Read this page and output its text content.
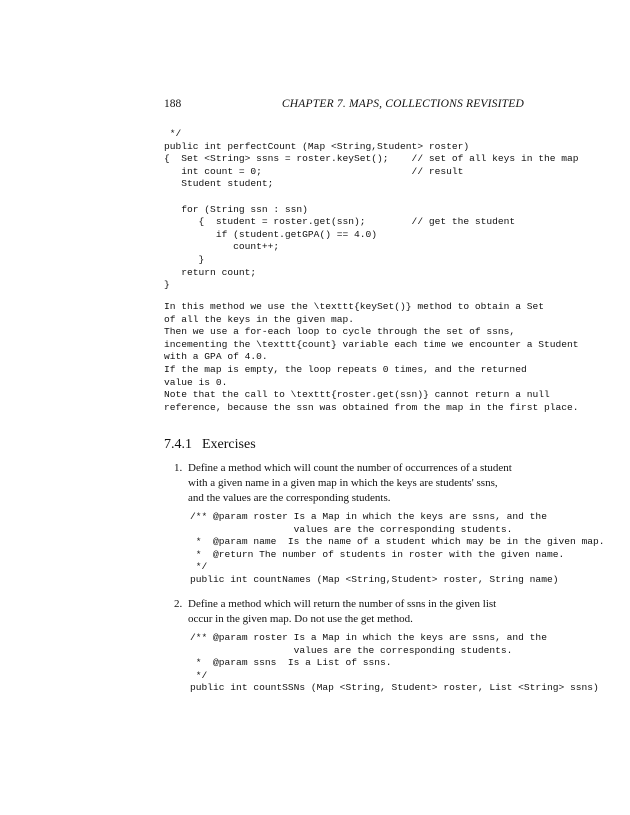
188	CHAPTER 7. MAPS, COLLECTIONS REVISITED
*/
public int perfectCount (Map <String,Student> roster)
{  Set <String> ssns = roster.keySet();    // set of all keys in the map
int count = 0;                          // result
Student student;

for (String ssn : ssn)
{  student = roster.get(ssn);        // get the student
if (student.getGPA() == 4.0)
count++;
}
return count;
}
In this method we use the \texttt{keySet()} method to obtain a Set
of all the keys in the given map.
Then we use a for-each loop to cycle through the set of ssns,
incementing the \texttt{count} variable each time we encounter a Student
with a GPA of 4.0.
If the map is empty, the loop repeats 0 times, and the returned
value is 0.
Note that the call to \texttt{roster.get(ssn)} cannot return a null
reference, because the ssn was obtained from the map in the first place.
7.4.1 Exercises
1. Define a method which will count the number of occurrences of a student
with a given name in a given map in which the keys are students' ssns,
and the values are the corresponding students.
/** @param roster Is a Map in which the keys are ssns, and the
values are the corresponding students.
*  @param name  Is the name of a student which may be in the given map.
*  @return The number of students in roster with the given name.
*/
public int countNames (Map <String,Student> roster, String name)
2. Define a method which will return the number of ssns in the given list
occur in the given map. Do not use the get method.
/** @param roster Is a Map in which the keys are ssns, and the
values are the corresponding students.
*  @param ssns  Is a List of ssns.
*/
public int countSSNs (Map <String, Student> roster, List <String> ssns)
